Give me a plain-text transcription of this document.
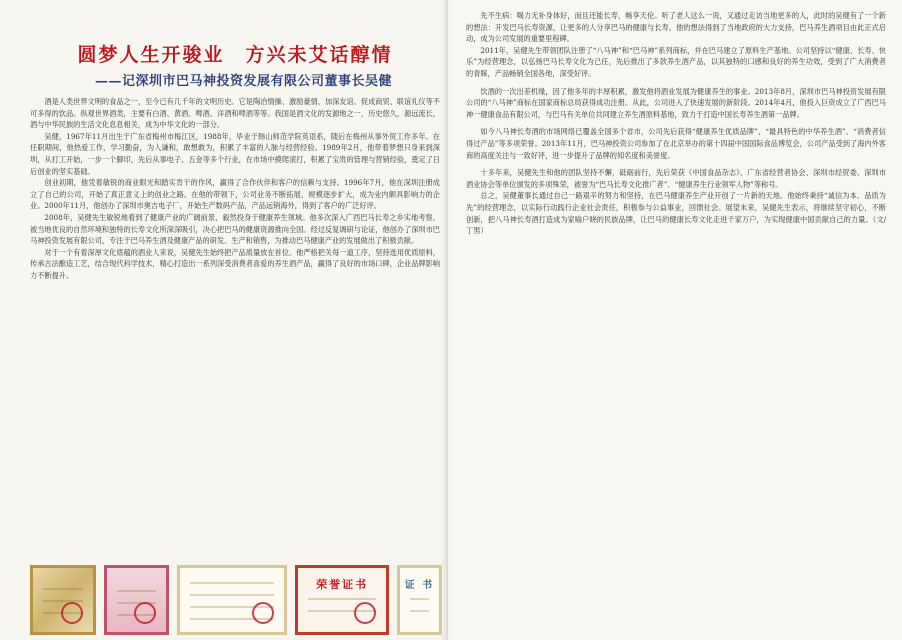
圆梦人生开骏业　方兴未艾话醇情
——记深圳市巴马神投资发展有限公司董事长吴健

酒是人类世界文明的食品之一，至今已有几千年的文明历史。它是陶冶情操、激励豪情、加深友谊、促成商贸、联谊礼仪等不可多得的饮品。纵观世界酒类，主要有白酒、黄酒、啤酒、洋酒和啤酒等等。我国是酒文化的发源地之一，历史悠久，源远流长，酒与中华民族的生活文化息息相关，成为中华文化的一部分。

吴健，1967年11月出生于广东省梅州市梅江区，1988年，毕业于韩山师范学院英语系，随后在梅州从事外贸工作多年。在任职期间，他热爱工作，学习勤奋，为人谦和，敢想敢为，积累了丰富的人脉与经营经验。1989年2月，他带着梦想只身来到深圳，从打工开始，一步一个脚印，先后从事电子、五金等多个行业，在市场中摸爬滚打，积累了宝贵的管理与营销经验，奠定了日后创业的坚实基础。

创业初期，他凭着敏锐的商业眼光和踏实肯干的作风，赢得了合作伙伴和客户的信赖与支持。1996年7月，他在深圳注册成立了自己的公司，开始了真正意义上的创业之路。在他的带领下，公司业务不断拓展，规模逐步扩大，成为业内颇具影响力的企业。2000年11月，他创办了深圳市奥吉电子厂，开始生产数码产品，产品远销海外，得到了客户的广泛好评。

2008年，吴健先生敏锐地看到了健康产业的广阔前景，毅然投身于健康养生领域。他多次深入广西巴马长寿之乡实地考察，被当地优良的自然环境和独特的长寿文化所深深吸引，决心把巴马的健康资源推向全国。经过反复调研与论证，他创办了深圳市巴马神投资发展有限公司，专注于巴马养生酒及健康产品的研发、生产和销售，为推动巴马健康产业的发展做出了积极贡献。

对于一个有着深厚文化底蕴的酒业人来说，吴健先生始终把产品质量放在首位。他严格把关每一道工序，坚持选用优质原料，传承古法酿造工艺，结合现代科学技术，精心打造出一系列深受消费者喜爱的养生酒产品，赢得了良好的市场口碑，企业品牌影响力不断提升。

荣誉证书	证 书

先不生病：喝力无补身体好，而且还能长寿，畅享天伦。听了老人这么一说，又通过走访当地更多的人，此时的吴健有了一个新的想法：开发巴马长寿资源，让更多的人分享巴马的健康与长寿。他的想法得到了当地政府的大力支持，巴马养生酒项目由此正式启动，成为公司发展的重要里程碑。

2011年，吴健先生带领团队注册了“八马神”和“巴马神”系列商标，并在巴马建立了原料生产基地。公司坚持以“健康、长寿、快乐”为经营理念，以弘扬巴马长寿文化为己任，先后推出了多款养生酒产品，以其独特的口感和良好的养生功效，受到了广大消费者的青睐，产品畅销全国各地，深受好评。

饮酒的一次出差机缘，因了他多年的丰厚积累，激发他将酒业发展为健康养生的事业。2013年8月，深圳市巴马神投资发展有限公司的“八马神”商标在国家商标总局获得成功注册。从此，公司进入了快速发展的新阶段。2014年4月，他投入巨资成立了广西巴马神一健康食品有限公司，与巴马有关单位共同建立养生酒原料基地，致力于打造中国长寿养生酒第一品牌。

如今八马神长寿酒的市场网络已覆盖全国多个省市，公司先后获得“健康养生优质品牌”、“最具特色的中华养生酒”、“消费者信得过产品”等多项荣誉。2013年11月，巴马神投资公司参加了在北京举办的第十四届中国国际食品博览会，公司产品受到了海内外客商的高度关注与一致好评，进一步提升了品牌的知名度和美誉度。

十多年来，吴健先生和他的团队坚持不懈，砥砺前行，先后荣获《中国食品杂志》、广东省经营者协会、深圳市经贸委、深圳市酒业协会等单位颁发的多项殊荣，被誉为“巴马长寿文化推广者”、“健康养生行业领军人物”等称号。

总之，吴健董事长通过自己一路艰辛的努力和坚持，在巴马健康养生产业开创了一片新的天地。他始终秉持“诚信为本、品质为先”的经营理念，以实际行动践行企业社会责任，积极参与公益事业，回馈社会。展望未来，吴健先生表示，将继续坚守初心，不断创新，把八马神长寿酒打造成为家喻户晓的民族品牌，让巴马的健康长寿文化走进千家万户，为实现健康中国贡献自己的力量。（文/丁男）
